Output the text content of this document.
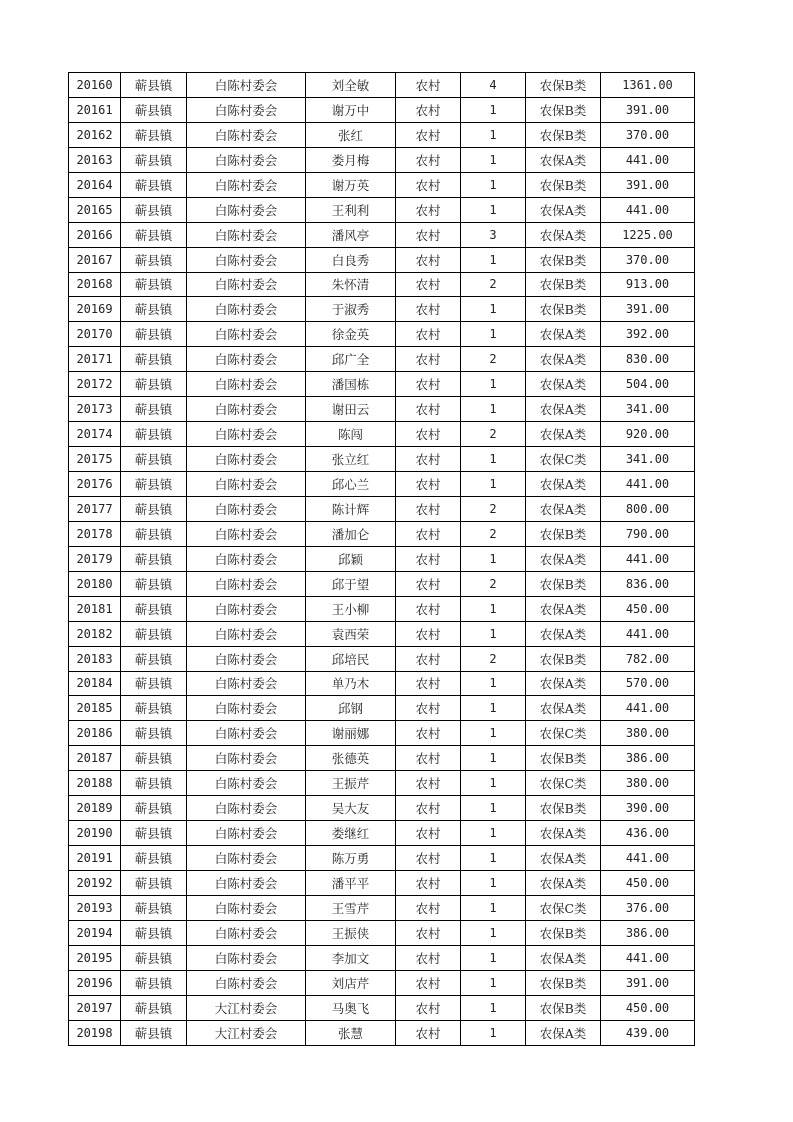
20160	蕲县镇	白陈村委会	刘全敏	农村	4	农保B类	1361.00
20161	蕲县镇	白陈村委会	谢万中	农村	1	农保B类	391.00
20162	蕲县镇	白陈村委会	张红	农村	1	农保B类	370.00
20163	蕲县镇	白陈村委会	娄月梅	农村	1	农保A类	441.00
20164	蕲县镇	白陈村委会	谢万英	农村	1	农保B类	391.00
20165	蕲县镇	白陈村委会	王利利	农村	1	农保A类	441.00
20166	蕲县镇	白陈村委会	潘风亭	农村	3	农保A类	1225.00
20167	蕲县镇	白陈村委会	白良秀	农村	1	农保B类	370.00
20168	蕲县镇	白陈村委会	朱怀清	农村	2	农保B类	913.00
20169	蕲县镇	白陈村委会	于淑秀	农村	1	农保B类	391.00
20170	蕲县镇	白陈村委会	徐金英	农村	1	农保A类	392.00
20171	蕲县镇	白陈村委会	邱广全	农村	2	农保A类	830.00
20172	蕲县镇	白陈村委会	潘国栋	农村	1	农保A类	504.00
20173	蕲县镇	白陈村委会	谢田云	农村	1	农保A类	341.00
20174	蕲县镇	白陈村委会	陈闯	农村	2	农保A类	920.00
20175	蕲县镇	白陈村委会	张立红	农村	1	农保C类	341.00
20176	蕲县镇	白陈村委会	邱心兰	农村	1	农保A类	441.00
20177	蕲县镇	白陈村委会	陈计辉	农村	2	农保A类	800.00
20178	蕲县镇	白陈村委会	潘加仑	农村	2	农保B类	790.00
20179	蕲县镇	白陈村委会	邱颖	农村	1	农保A类	441.00
20180	蕲县镇	白陈村委会	邱于望	农村	2	农保B类	836.00
20181	蕲县镇	白陈村委会	王小柳	农村	1	农保A类	450.00
20182	蕲县镇	白陈村委会	袁西荣	农村	1	农保A类	441.00
20183	蕲县镇	白陈村委会	邱培民	农村	2	农保B类	782.00
20184	蕲县镇	白陈村委会	单乃木	农村	1	农保A类	570.00
20185	蕲县镇	白陈村委会	邱钢	农村	1	农保A类	441.00
20186	蕲县镇	白陈村委会	谢丽娜	农村	1	农保C类	380.00
20187	蕲县镇	白陈村委会	张德英	农村	1	农保B类	386.00
20188	蕲县镇	白陈村委会	王振芹	农村	1	农保C类	380.00
20189	蕲县镇	白陈村委会	吴大友	农村	1	农保B类	390.00
20190	蕲县镇	白陈村委会	娄继红	农村	1	农保A类	436.00
20191	蕲县镇	白陈村委会	陈万勇	农村	1	农保A类	441.00
20192	蕲县镇	白陈村委会	潘平平	农村	1	农保A类	450.00
20193	蕲县镇	白陈村委会	王雪芹	农村	1	农保C类	376.00
20194	蕲县镇	白陈村委会	王振侠	农村	1	农保B类	386.00
20195	蕲县镇	白陈村委会	李加文	农村	1	农保A类	441.00
20196	蕲县镇	白陈村委会	刘店芹	农村	1	农保B类	391.00
20197	蕲县镇	大江村委会	马奥飞	农村	1	农保B类	450.00
20198	蕲县镇	大江村委会	张慧	农村	1	农保A类	439.00
